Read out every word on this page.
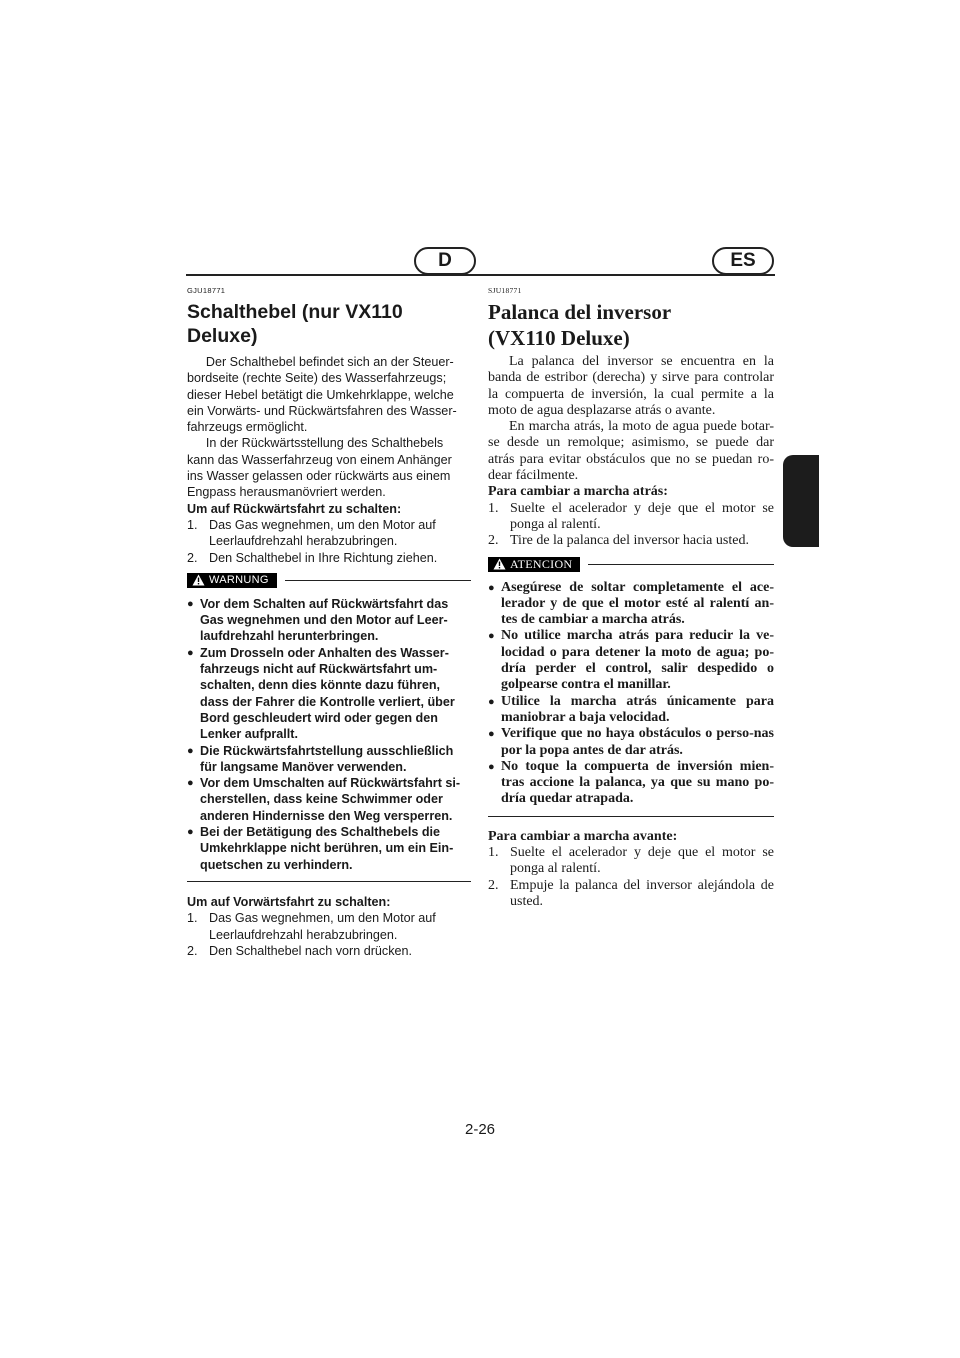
D	ES
GJU18771
Schalthebel (nur VX110 Deluxe)

Der Schalthebel befindet sich an der Steuer-bordseite (rechte Seite) des Wasserfahrzeugs; dieser Hebel betätigt die Umkehrklappe, welche ein Vorwärts- und Rückwärtsfahren des Wasser-fahrzeugs ermöglicht.

In der Rückwärtsstellung des Schalthebels kann das Wasserfahrzeug von einem Anhänger ins Wasser gelassen oder rückwärts aus einem Engpass herausmanövriert werden.

Um auf Rückwärtsfahrt zu schalten:

1. Das Gas wegnehmen, um den Motor auf Leerlaufdrehzahl herabzubringen.
2. Den Schalthebel in Ihre Richtung ziehen.
WARNUNG
● Vor dem Schalten auf Rückwärtsfahrt das Gas wegnehmen und den Motor auf Leer-laufdrehzahl herunterbringen.
● Zum Drosseln oder Anhalten des Wasser-fahrzeugs nicht auf Rückwärtsfahrt um-schalten, denn dies könnte dazu führen, dass der Fahrer die Kontrolle verliert, über Bord geschleudert wird oder gegen den Lenker aufprallt.
● Die Rückwärtsfahrtstellung ausschließlich für langsame Manöver verwenden.
● Vor dem Umschalten auf Rückwärtsfahrt si-cherstellen, dass keine Schwimmer oder anderen Hindernisse den Weg versperren.
● Bei der Betätigung des Schalthebels die Umkehrklappe nicht berühren, um ein Ein-quetschen zu verhindern.

Um auf Vorwärtsfahrt zu schalten:

1. Das Gas wegnehmen, um den Motor auf Leerlaufdrehzahl herabzubringen.
2. Den Schalthebel nach vorn drücken.
SJU18771
Palanca del inversor
(VX110 Deluxe)

La palanca del inversor se encuentra en la banda de estribor (derecha) y sirve para controlar la compuerta de inversión, la cual permite a la moto de agua desplazarse atrás o avante.

En marcha atrás, la moto de agua puede botar-se desde un remolque; asimismo, se puede dar atrás para evitar obstáculos que no se puedan ro-dear fácilmente.

Para cambiar a marcha atrás:

1. Suelte el acelerador y deje que el motor se ponga al ralentí.
2. Tire de la palanca del inversor hacia usted.
ATENCION
● Asegúrese de soltar completamente el ace-lerador y de que el motor esté al ralentí an-tes de cambiar a marcha atrás.
● No utilice marcha atrás para reducir la ve-locidad o para detener la moto de agua; po-dría perder el control, salir despedido o golpearse contra el manillar.
● Utilice la marcha atrás únicamente para maniobrar a baja velocidad.
● Verifique que no haya obstáculos o perso-nas por la popa antes de dar atrás.
● No toque la compuerta de inversión mien-tras accione la palanca, ya que su mano po-dría quedar atrapada.

Para cambiar a marcha avante:

1. Suelte el acelerador y deje que el motor se ponga al ralentí.
2. Empuje la palanca del inversor alejándola de usted.
2-26
